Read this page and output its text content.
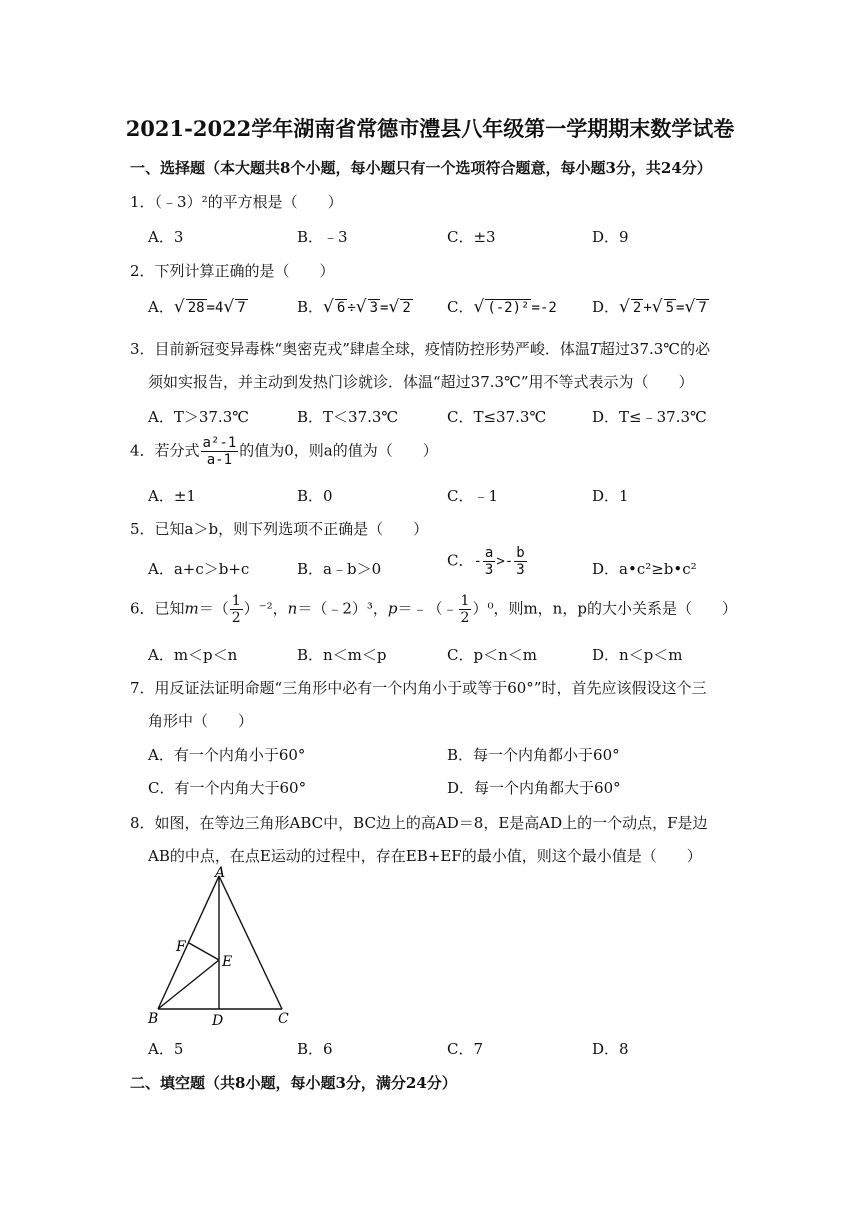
2021-2022学年湖南省常德市澧县八年级第一学期期末数学试卷
一、选择题（本大题共8个小题，每小题只有一个选项符合题意，每小题3分，共24分）
1．（﹣3）²的平方根是（　　）
A．3	B．﹣3	C．±3	D．9
2．下列计算正确的是（　　）
A．√ 28 =4√ 7	B．√ 6 ÷√ 3 =√ 2 C．√ (-2)² =-2 D．√ 2 +√ 5 =√ 7
3．目前新冠变异毒株“奥密克戎”肆虐全球，疫情防控形势严峻．体温T超过37.3℃的必
须如实报告，并主动到发热门诊就诊．体温“超过37.3℃”用不等式表示为（　　）
A．T＞37.3℃	B．T＜37.3℃	C．T≤37.3℃	D．T≤﹣37.3℃
4．若分式 $\frac{\text{a²-1}}{a-1}$ 的值为0，则a的值为（　　）
A．±1	B．0	C．﹣1	D．1
5．已知a＞b，则下列选项不正确是（　　）
A．a+c＞b+c	B．a﹣b＞0	C．- $\frac{a}{3} >- \frac{b}{3}$	D．a•c²≥b•c²
6．已知$m=( \frac{1}{2} )^{-2}$，n＝（﹣2）³，p＝﹣（﹣ $\frac{1}{2} )^0$，则m，n，p的大小关系是（　　）
A．m＜p＜n	B．n＜m＜p	C．p＜n＜m	D．n＜p＜m
7．用反证法证明命题“三角形中必有一个内角小于或等于60°”时，首先应该假设这个三
角形中（　　）
A．有一个内角小于60°	B．每一个内角都小于60°
C．有一个内角大于60°	D．每一个内角都大于60°
8．如图，在等边三角形ABC中，BC边上的高AD＝8，E是高AD上的一个动点，F是边
AB的中点，在点E运动的过程中，存在EB+EF的最小值，则这个最小值是（　　）
A
B	C
D
E
F
A．5	B．6	C．7	D．8
二、填空题（共8小题，每小题3分，满分24分）
